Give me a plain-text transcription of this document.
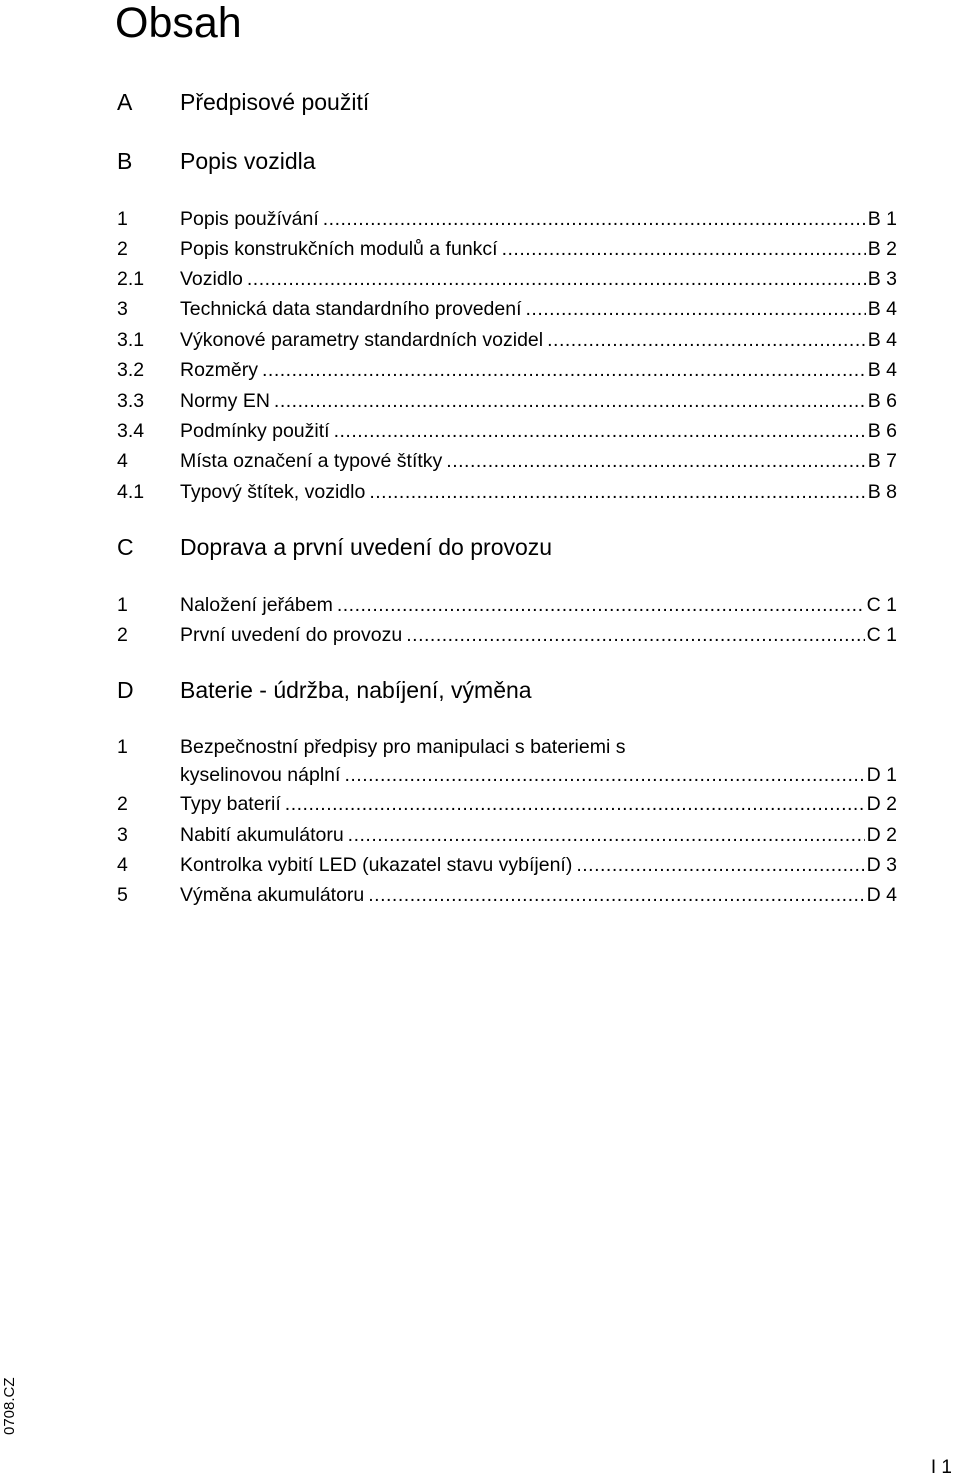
Obsah
A Předpisové použití
B Popis vozidla
1	Popis používání .....	B 1
2	Popis konstrukčních modulů a funkcí .....	B 2
2.1 Vozidlo .....	B 3
3	Technická data standardního provedení .....	B 4
3.1 Výkonové parametry standardních vozidel .....	B 4
3.2 Rozměry .....	B 4
3.3 Normy EN .....	B 6
3.4 Podmínky použití .....	B 6
4	Místa označení a typové štítky .....	B 7
4.1 Typový štítek, vozidlo .....	B 8
C Doprava a první uvedení do provozu
1	Naložení jeřábem .....	C 1
2	První uvedení do provozu .....	C 1
D Baterie - údržba, nabíjení, výměna
1	Bezpečnostní předpisy pro manipulaci s bateriemi s
kyselinovou náplní .....	D 1
2	Typy baterií .....	D 2
3	Nabití akumulátoru .....	D 2
4	Kontrolka vybití LED (ukazatel stavu vybíjení) .....	D 3
5	Výměna akumulátoru .....	D 4
0708.CZ
I 1
